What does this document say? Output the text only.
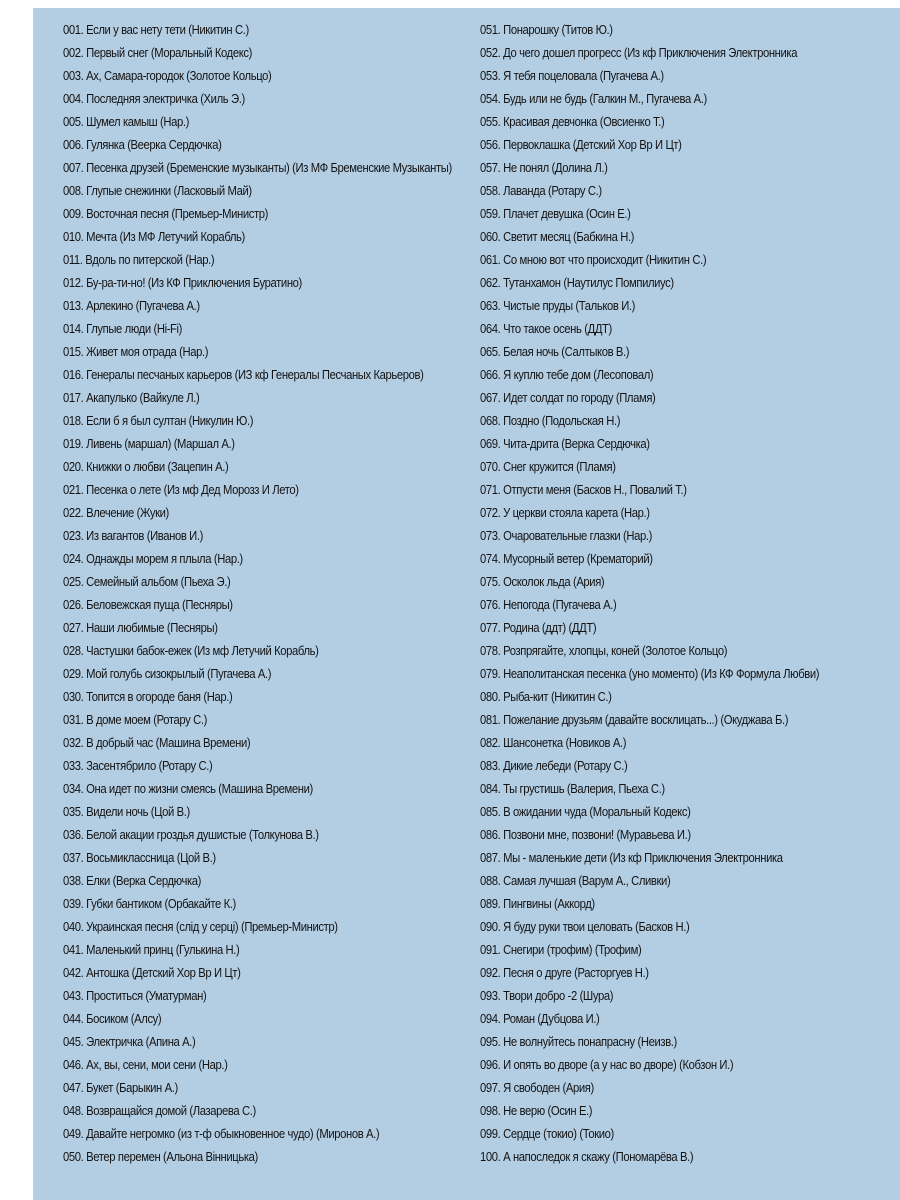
001. Если у вас нету тети (Никитин С.)
002. Первый снег (Моральный Кодекс)
003. Ах, Самара-городок (Золотое Кольцо)
004. Последняя электричка (Хиль Э.)
005. Шумел камыш (Нар.)
006. Гулянка (Веерка Сердючка)
007. Песенка друзей (Бременские музыканты) (Из МФ Бременские Музыканты)
008. Глупые снежинки (Ласковый Май)
009. Восточная песня (Премьер-Министр)
010. Мечта (Из МФ Летучий Корабль)
011. Вдоль по питерской (Нар.)
012. Бу-ра-ти-но! (Из КФ Приключения Буратино)
013. Арлекино (Пугачева А.)
014. Глупые люди (Hi-Fi)
015. Живет моя отрада (Нар.)
016. Генералы песчаных карьеров (ИЗ кф Генералы Песчаных Карьеров)
017. Акапулько (Вайкуле Л.)
018. Если б я был султан (Никулин Ю.)
019. Ливень (маршал) (Маршал А.)
020. Книжки о любви (Зацепин А.)
021. Песенка о лете (Из мф Дед Морозз И Лето)
022. Влечение (Жуки)
023. Из вагантов (Иванов И.)
024. Однажды морем я плыла (Нар.)
025. Семейный альбом (Пьеха Э.)
026. Беловежская пуща (Песняры)
027. Наши любимые (Песняры)
028. Частушки бабок-ежек (Из мф Летучий Корабль)
029. Мой голубь сизокрылый (Пугачева А.)
030. Топится в огороде баня (Нар.)
031. В доме моем (Ротару С.)
032. В добрый час (Машина Времени)
033. Засентябрило (Ротару С.)
034. Она идет по жизни смеясь (Машина Времени)
035. Видели ночь (Цой В.)
036. Белой акации гроздья душистые (Толкунова В.)
037. Восьмиклассница (Цой В.)
038. Елки (Верка Сердючка)
039. Губки бантиком (Орбакайте К.)
040. Украинская песня (слід у серці) (Премьер-Министр)
041. Маленький принц (Гулькина Н.)
042. Антошка (Детский Хор Вр И Цт)
043. Проститься (Уматурман)
044. Босиком (Алсу)
045. Электричка (Апина А.)
046. Ах, вы, сени, мои сени (Нар.)
047. Букет (Барыкин А.)
048. Возвращайся домой (Лазарева С.)
049. Давайте негромко (из т-ф обыкновенное чудо) (Миронов А.)
050. Ветер перемен (Альона Вінницька)
051. Понарошку (Титов Ю.)
052. До чего дошел прогресс (Из кф Приключения Электронника
053. Я тебя поцеловала (Пугачева А.)
054. Будь или не будь (Галкин М., Пугачева А.)
055. Красивая девчонка (Овсиенко Т.)
056. Первоклашка (Детский Хор Вр И Цт)
057. Не понял (Долина Л.)
058. Лаванда (Ротару С.)
059. Плачет девушка (Осин Е.)
060. Светит месяц (Бабкина Н.)
061. Со мною вот что происходит (Никитин С.)
062. Тутанхамон (Наутилус Помпилиус)
063. Чистые пруды (Тальков И.)
064. Что такое осень (ДДТ)
065. Белая ночь (Салтыков В.)
066. Я куплю тебе дом (Лесоповал)
067. Идет солдат по городу (Пламя)
068. Поздно (Подольская Н.)
069. Чита-дрита (Верка Сердючка)
070. Снег кружится (Пламя)
071. Отпусти меня (Басков Н., Повалий Т.)
072. У церкви стояла карета (Нар.)
073. Очаровательные глазки (Нар.)
074. Мусорный ветер (Крематорий)
075. Осколок льда (Ария)
076. Непогода (Пугачева А.)
077. Родина (ддт) (ДДТ)
078. Розпрягайте, хлопцы, коней (Золотое Кольцо)
079. Неаполитанская песенка (уно моменто) (Из КФ Формула Любви)
080. Рыба-кит (Никитин С.)
081. Пожелание друзьям (давайте восклицать...) (Окуджава Б.)
082. Шансонетка (Новиков А.)
083. Дикие лебеди (Ротару С.)
084. Ты грустишь (Валерия, Пьеха С.)
085. В ожидании чуда (Моральный Кодекс)
086. Позвони мне, позвони! (Муравьева И.)
087. Мы - маленькие дети (Из кф Приключения Электронника
088. Самая лучшая (Варум А., Сливки)
089. Пингвины (Аккорд)
090. Я буду руки твои целовать (Басков Н.)
091. Снегири (трофим) (Трофим)
092. Песня о друге (Расторгуев Н.)
093. Твори добро -2 (Шура)
094. Роман (Дубцова И.)
095. Не волнуйтесь понапрасну (Неизв.)
096. И опять во дворе (а у нас во дворе) (Кобзон И.)
097. Я свободен (Ария)
098. Не верю (Осин Е.)
099. Сердце (токио) (Токио)
100. А напоследок я скажу (Пономарёва В.)
